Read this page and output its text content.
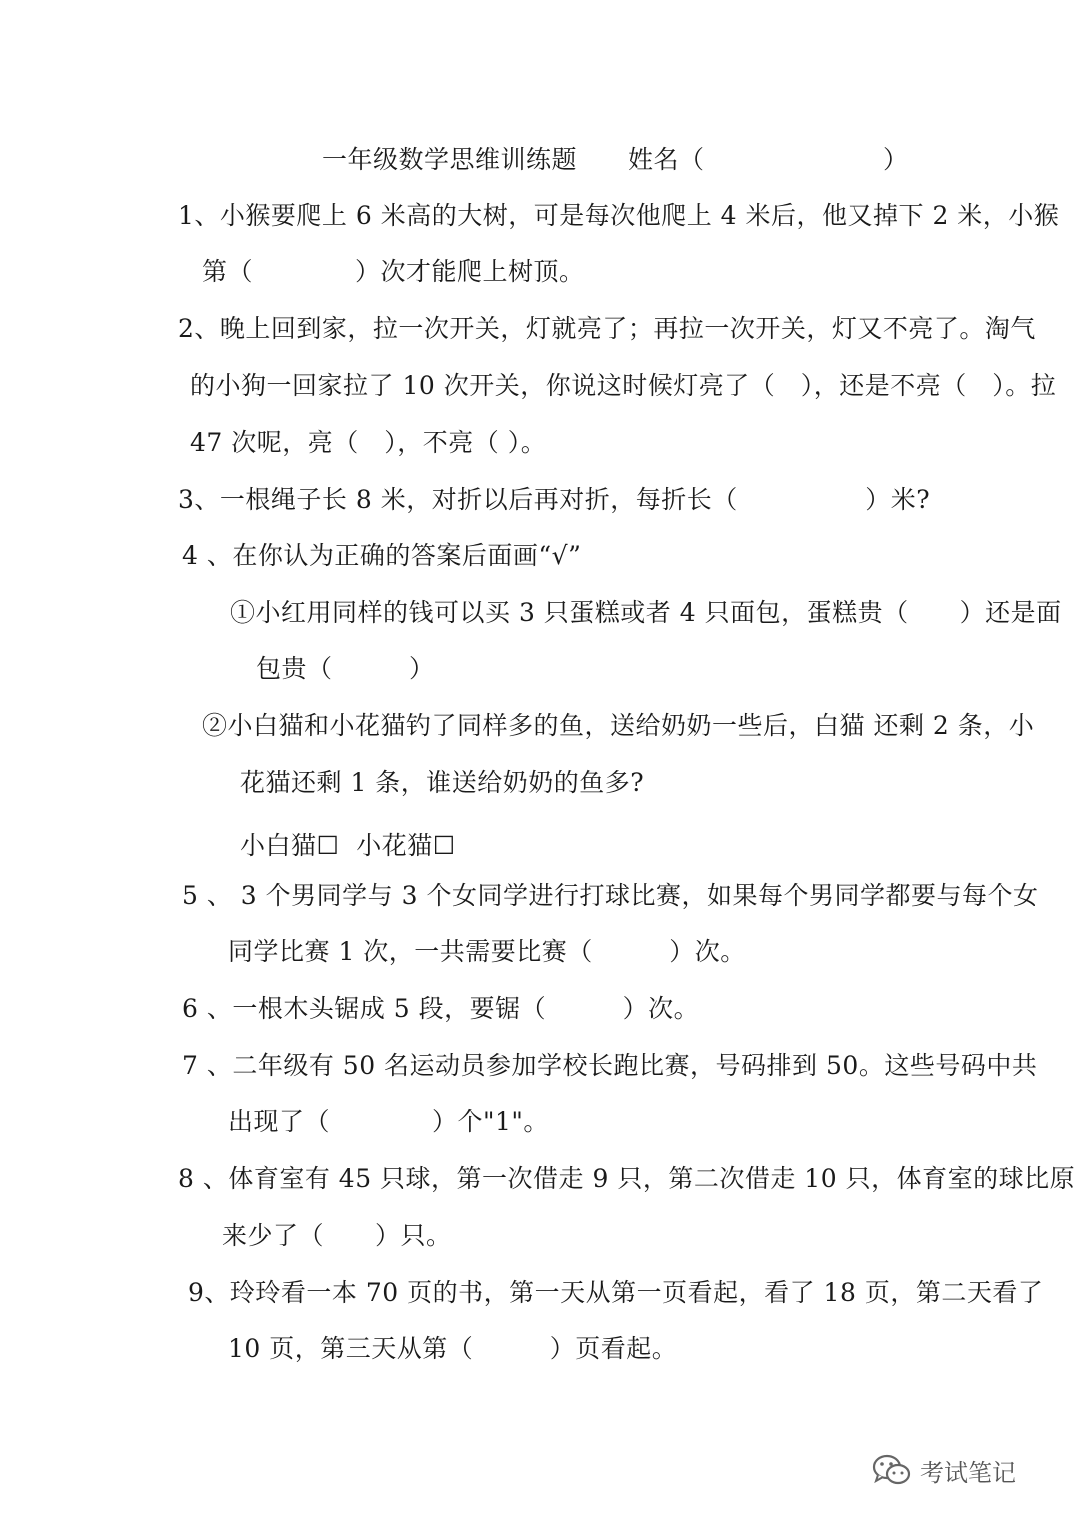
一年级数学思维训练题　　姓名（　　　　　　　）
1、小猴要爬上 6 米高的大树，可是每次他爬上 4 米后，他又掉下 2 米，小猴
第（　　　　）次才能爬上树顶。
2、晚上回到家，拉一次开关，灯就亮了；再拉一次开关，灯又不亮了。淘气
的小狗一回家拉了 10 次开关，你说这时候灯亮了（　），还是不亮（　）。拉
47 次呢，亮（　），不亮（ ）。
3、一根绳子长 8 米，对折以后再对折，每折长（　　　　　）米?
4 、在你认为正确的答案后面画“√”
①小红用同样的钱可以买 3 只蛋糕或者 4 只面包，蛋糕贵（　　）还是面
包贵（　　　）
②小白猫和小花猫钓了同样多的鱼，送给奶奶一些后，白猫 还剩 2 条，小
花猫还剩 1 条，谁送给奶奶的鱼多?
小白猫☐  小花猫☐
5 、 3 个男同学与 3 个女同学进行打球比赛，如果每个男同学都要与每个女
同学比赛 1 次，一共需要比赛（　　　）次。
6 、一根木头锯成 5 段，要锯（　　　）次。
7 、二年级有 50 名运动员参加学校长跑比赛，号码排到 50。这些号码中共
出现了（　　　　）个"1"。
8 、体育室有 45 只球，第一次借走 9 只，第二次借走 10 只，体育室的球比原
来少了（　　）只。
9、玲玲看一本 70 页的书，第一天从第一页看起，看了 18 页，第二天看了
10 页，第三天从第（　　　）页看起。
考试笔记
